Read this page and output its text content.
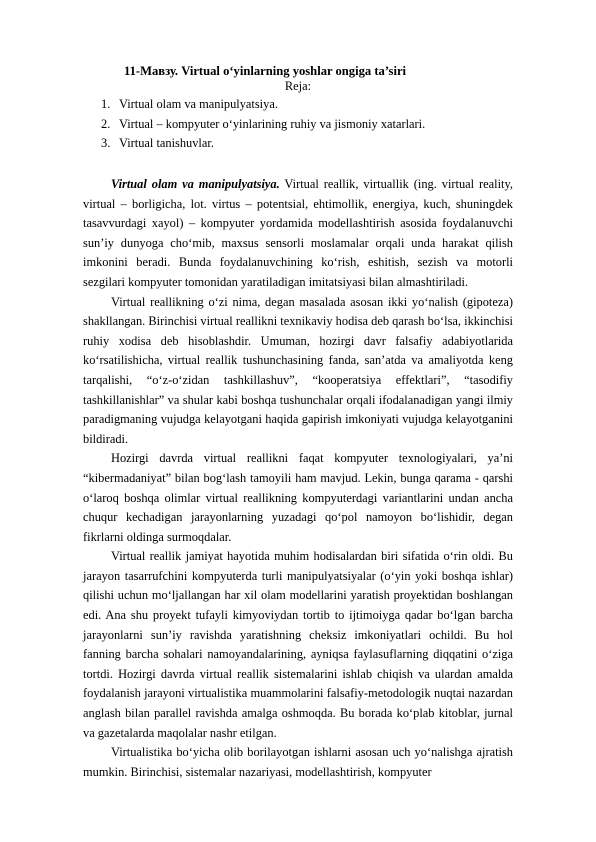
11-Мавзу. Virtual o‘yinlarning yoshlar ongiga ta’siri
Reja:
1. Virtual olam va manipulyatsiya.
2. Virtual – kompyuter o‘yinlarining ruhiy va jismoniy xatarlari.
3. Virtual tanishuvlar.

Virtual olam va manipulyatsiya. Virtual reallik, virtuallik (ing. virtual reality, virtual – borligicha, lot. virtus – potentsial, ehtimollik, energiya, kuch, shuningdek tasavvurdagi xayol) – kompyuter yordamida modellashtirish asosida foydalanuvchi sun’iy dunyoga cho‘mib, maxsus sensorli moslamalar orqali unda harakat qilish imkonini beradi. Bunda foydalanuvchining ko‘rish, eshitish, sezish va motorli sezgilari kompyuter tomonidan yaratiladigan imitatsiyasi bilan almashtiriladi.

Virtual reallikning o‘zi nima, degan masalada asosan ikki yo‘nalish (gipoteza) shakllangan. Birinchisi virtual reallikni texnikaviy hodisa deb qarash bo‘lsa, ikkinchisi ruhiy xodisa deb hisoblashdir. Umuman, hozirgi davr falsafiy adabiyotlarida ko‘rsatilishicha, virtual reallik tushunchasining fanda, san’atda va amaliyotda keng tarqalishi, “o‘z-o‘zidan tashkillashuv”, “kooperatsiya effektlari”, “tasodifiy tashkillanishlar” va shular kabi boshqa tushunchalar orqali ifodalanadigan yangi ilmiy paradigmaning vujudga kelayotgani haqida gapirish imkoniyati vujudga kelayotganini bildiradi.

Hozirgi davrda virtual reallikni faqat kompyuter texnologiyalari, ya’ni “kibermadaniyat” bilan bog‘lash tamoyili ham mavjud. Lekin, bunga qarama - qarshi o‘laroq boshqa olimlar virtual reallikning kompyuterdagi variantlarini undan ancha chuqur kechadigan jarayonlarning yuzadagi qo‘pol namoyon bo‘lishidir, degan fikrlarni oldinga surmoqdalar.

Virtual reallik jamiyat hayotida muhim hodisalardan biri sifatida o‘rin oldi. Bu jarayon tasarrufchini kompyuterda turli manipulyatsiyalar (o‘yin yoki boshqa ishlar) qilishi uchun mo‘ljallangan har xil olam modellarini yaratish proyektidan boshlangan edi. Ana shu proyekt tufayli kimyoviydan tortib to ijtimoiyga qadar bo‘lgan barcha jarayonlarni sun’iy ravishda yaratishning cheksiz imkoniyatlari ochildi. Bu hol fanning barcha sohalari namoyandalarining, ayniqsa faylasuflarning diqqatini o‘ziga tortdi. Hozirgi davrda virtual reallik sistemalarini ishlab chiqish va ulardan amalda foydalanish jarayoni virtualistika muammolarini falsafiy-metodologik nuqtai nazardan anglash bilan parallel ravishda amalga oshmoqda. Bu borada ko‘plab kitoblar, jurnal va gazetalarda maqolalar nashr etilgan.

Virtualistika bo‘yicha olib borilayotgan ishlarni asosan uch yo‘nalishga ajratish mumkin. Birinchisi, sistemalar nazariyasi, modellashtirish, kompyuter
